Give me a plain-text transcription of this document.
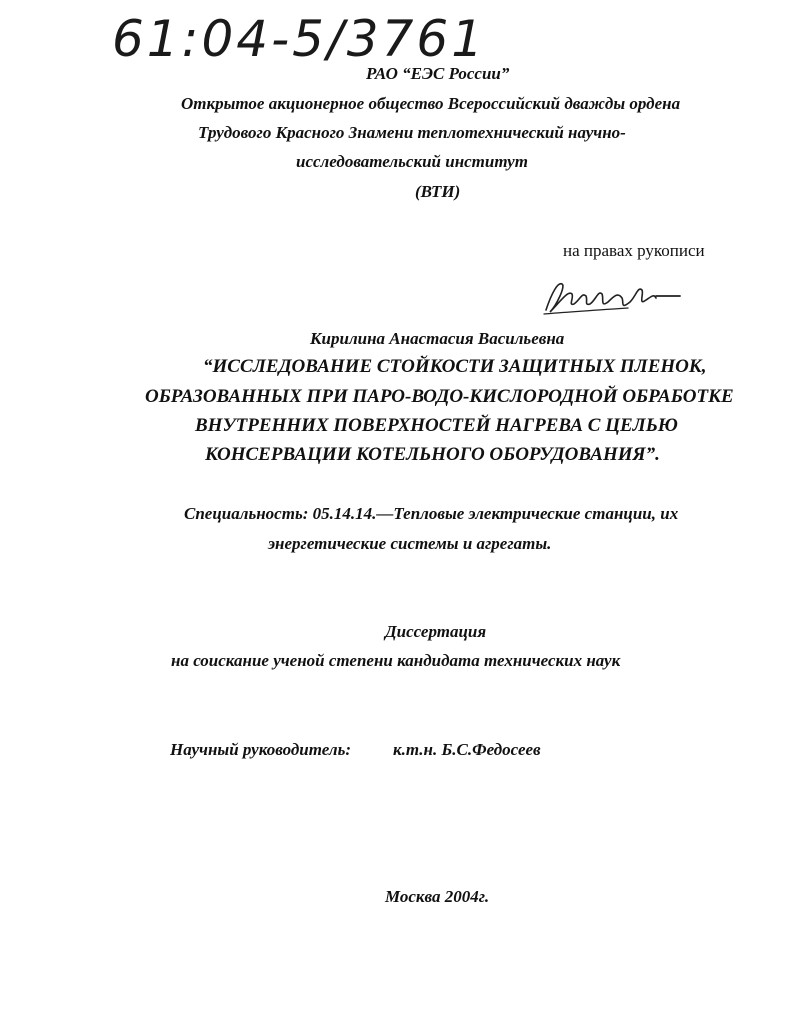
61:04-5/3761
РАО “ЕЭС России”
Открытое акционерное общество Всероссийский дважды ордена
Трудового Красного Знамени теплотехнический научно-
исследовательский институт
(ВТИ)
на правах рукописи
Кирилина Анастасия Васильевна
“ИССЛЕДОВАНИЕ СТОЙКОСТИ ЗАЩИТНЫХ ПЛЕНОК,
ОБРАЗОВАННЫХ ПРИ ПАРО-ВОДО-КИСЛОРОДНОЙ ОБРАБОТКЕ
ВНУТРЕННИХ ПОВЕРХНОСТЕЙ НАГРЕВА С ЦЕЛЬЮ
КОНСЕРВАЦИИ КОТЕЛЬНОГО ОБОРУДОВАНИЯ”.
Специальность: 05.14.14.—Тепловые электрические станции, их
энергетические системы и агрегаты.
Диссертация
на соискание ученой степени кандидата технических наук
Научный руководитель: к.т.н. Б.С.Федосеев
Москва 2004г.
